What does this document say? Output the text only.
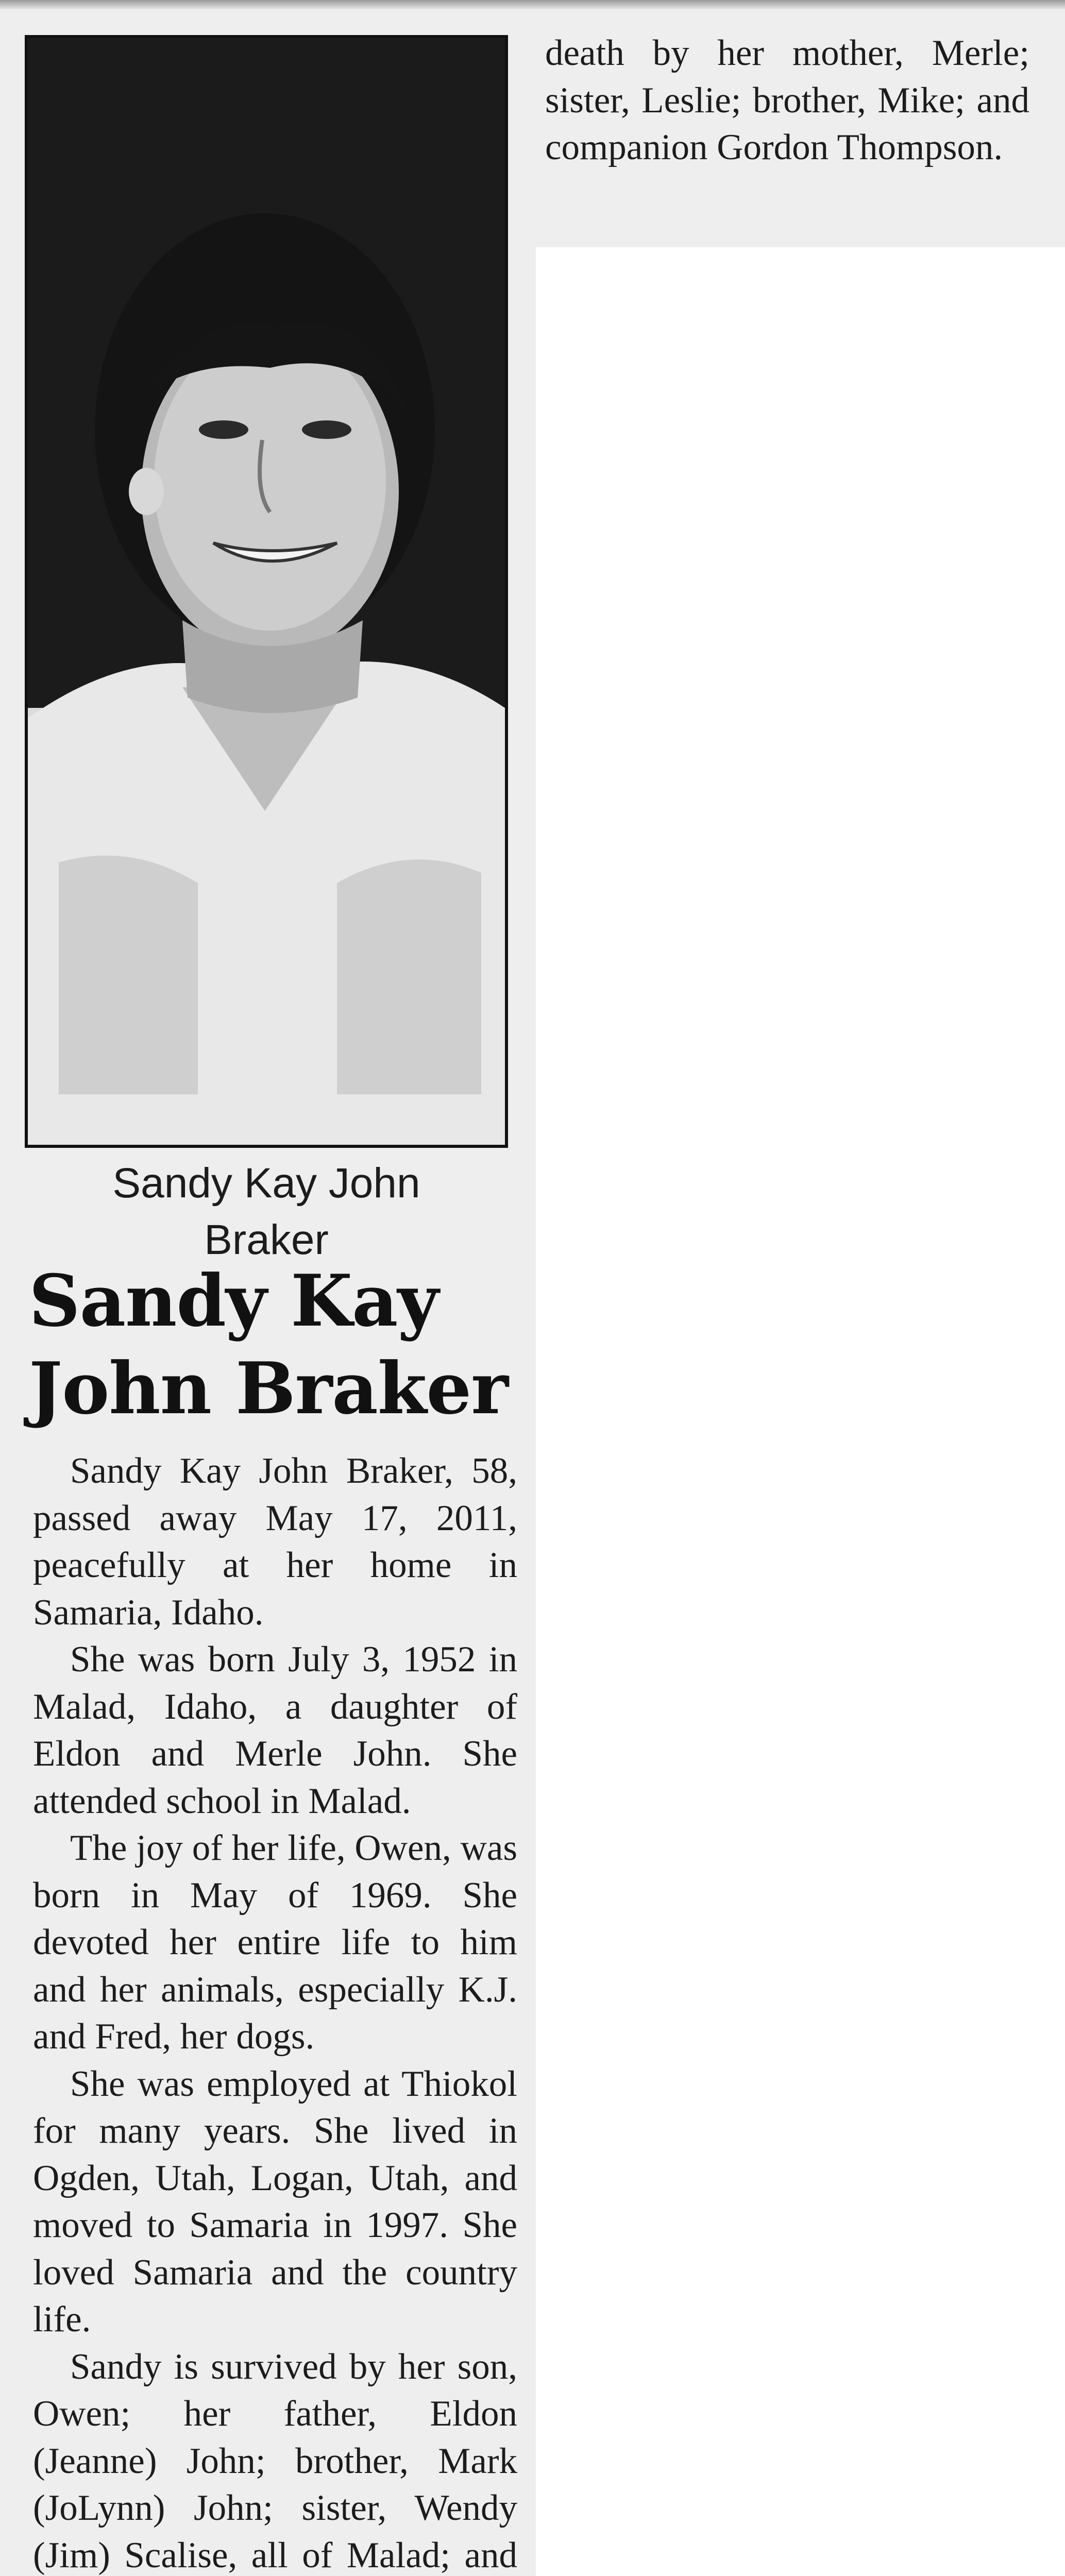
Sandy Kay John
Braker
Sandy Kay
John Braker

Sandy Kay John Braker, 58, passed away May 17, 2011, peacefully at her home in Samaria, Idaho.

She was born July 3, 1952 in Malad, Idaho, a daughter of Eldon and Merle John. She attended school in Malad.

The joy of her life, Owen, was born in May of 1969. She devoted her entire life to him and her animals, especially K.J. and Fred, her dogs.

She was employed at Thiokol for many years. She lived in Ogden, Utah, Logan, Utah, and moved to Samaria in 1997. She loved Samaria and the country life.

Sandy is survived by her son, Owen; her father, Eldon (Jeanne) John; brother, Mark (JoLynn) John; sister, Wendy (Jim) Scalise, all of Malad; and

death by her mother, Merle; sister, Leslie; brother, Mike; and companion Gordon Thompson.
